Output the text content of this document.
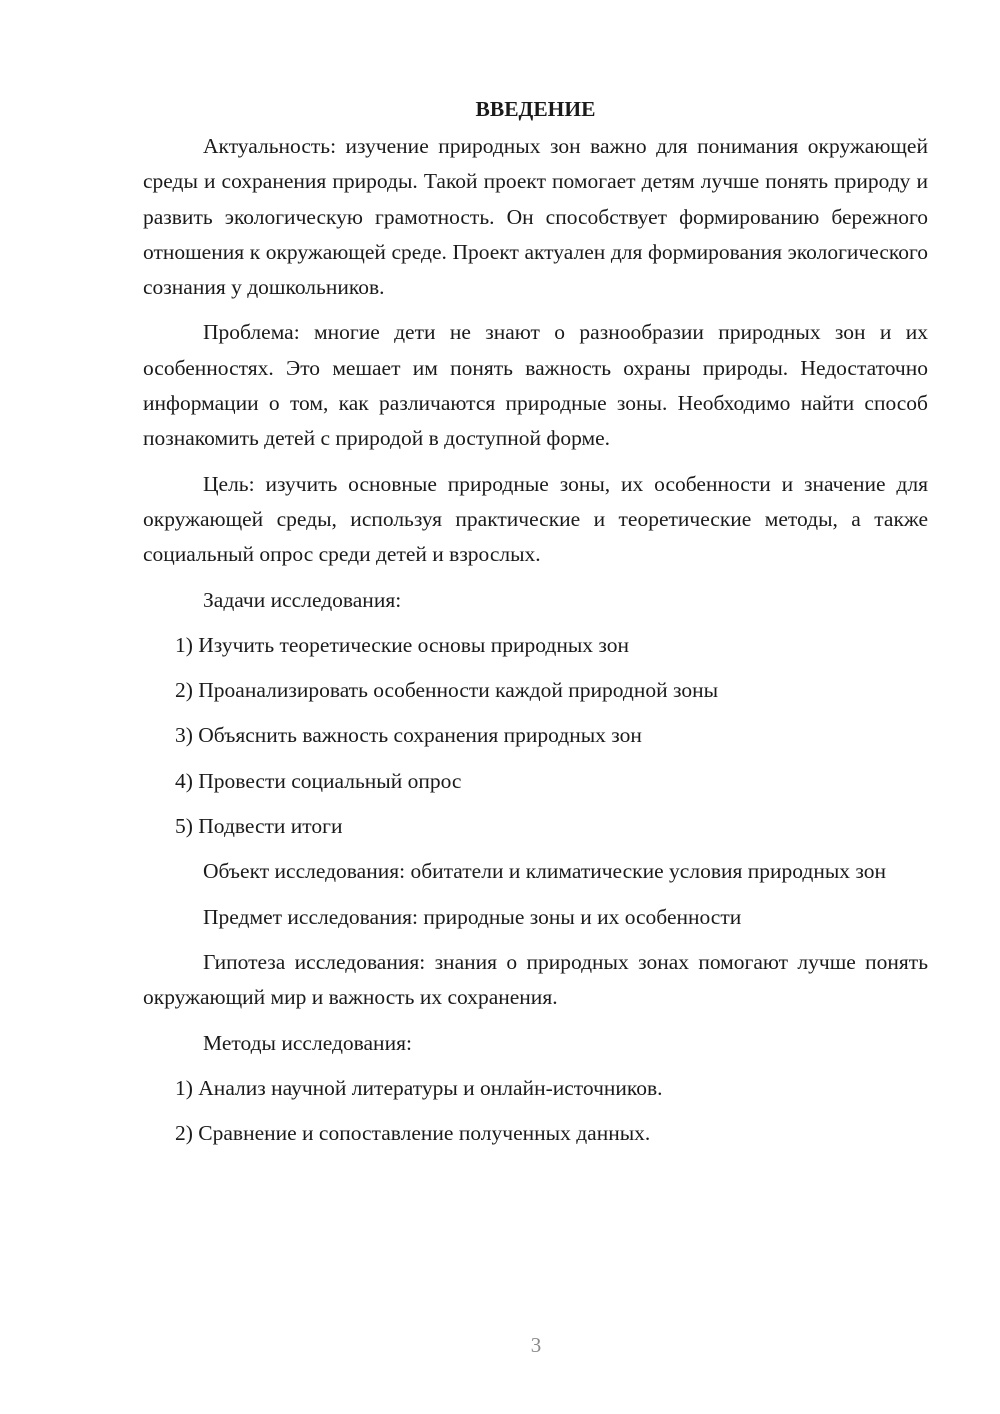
ВВЕДЕНИЕ

Актуальность: изучение природных зон важно для понимания окружающей среды и сохранения природы. Такой проект помогает детям лучше понять природу и развить экологическую грамотность. Он способствует формированию бережного отношения к окружающей среде. Проект актуален для формирования экологического сознания у дошкольников.

Проблема: многие дети не знают о разнообразии природных зон и их особенностях. Это мешает им понять важность охраны природы. Недостаточно информации о том, как различаются природные зоны. Необходимо найти способ познакомить детей с природой в доступной форме.

Цель: изучить основные природные зоны, их особенности и значение для окружающей среды, используя практические и теоретические методы, а также социальный опрос среди детей и взрослых.

Задачи исследования:
1) Изучить теоретические основы природных зон
2) Проанализировать особенности каждой природной зоны
3) Объяснить важность сохранения природных зон
4) Провести социальный опрос
5) Подвести итоги

Объект исследования: обитатели и климатические условия природных зон

Предмет исследования: природные зоны и их особенности

Гипотеза исследования: знания о природных зонах помогают лучше понять окружающий мир и важность их сохранения.

Методы исследования:
1) Анализ научной литературы и онлайн-источников.
2) Сравнение и сопоставление полученных данных.
3
